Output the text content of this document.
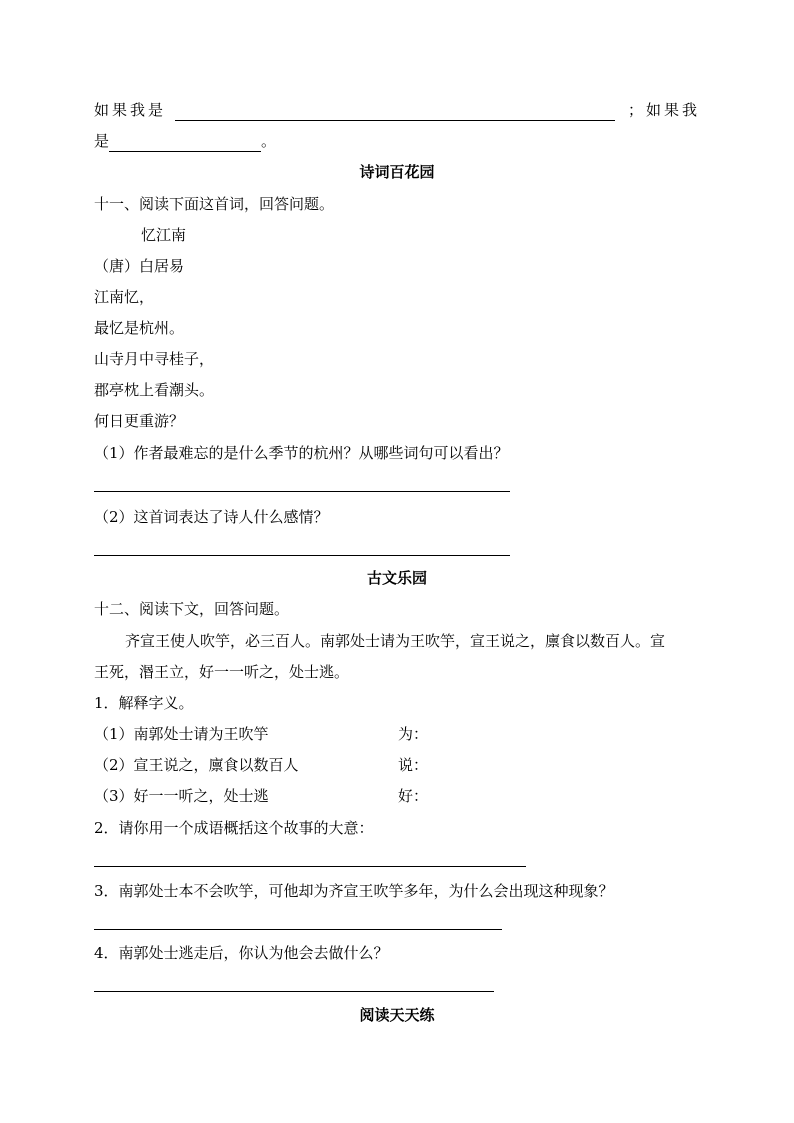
如果我是	；如果我
是	。
诗词百花园
十一、阅读下面这首词，回答问题。
忆江南
（唐）白居易
江南忆，
最忆是杭州。
山寺月中寻桂子，
郡亭枕上看潮头。
何日更重游？
（1）作者最难忘的是什么季节的杭州？从哪些词句可以看出？
（2）这首词表达了诗人什么感情？
古文乐园
十二、阅读下文，回答问题。
齐宣王使人吹竽，必三百人。南郭处士请为王吹竽，宣王说之，廪食以数百人。宣
王死，湣王立，好一一听之，处士逃。
1．解释字义。
（1）南郭处士请为王吹竽	为：
（2）宣王说之，廪食以数百人	说：
（3）好一一听之，处士逃	好：
2．请你用一个成语概括这个故事的大意：
3．南郭处士本不会吹竽，可他却为齐宣王吹竽多年，为什么会出现这种现象？
4．南郭处士逃走后，你认为他会去做什么？
阅读天天练
